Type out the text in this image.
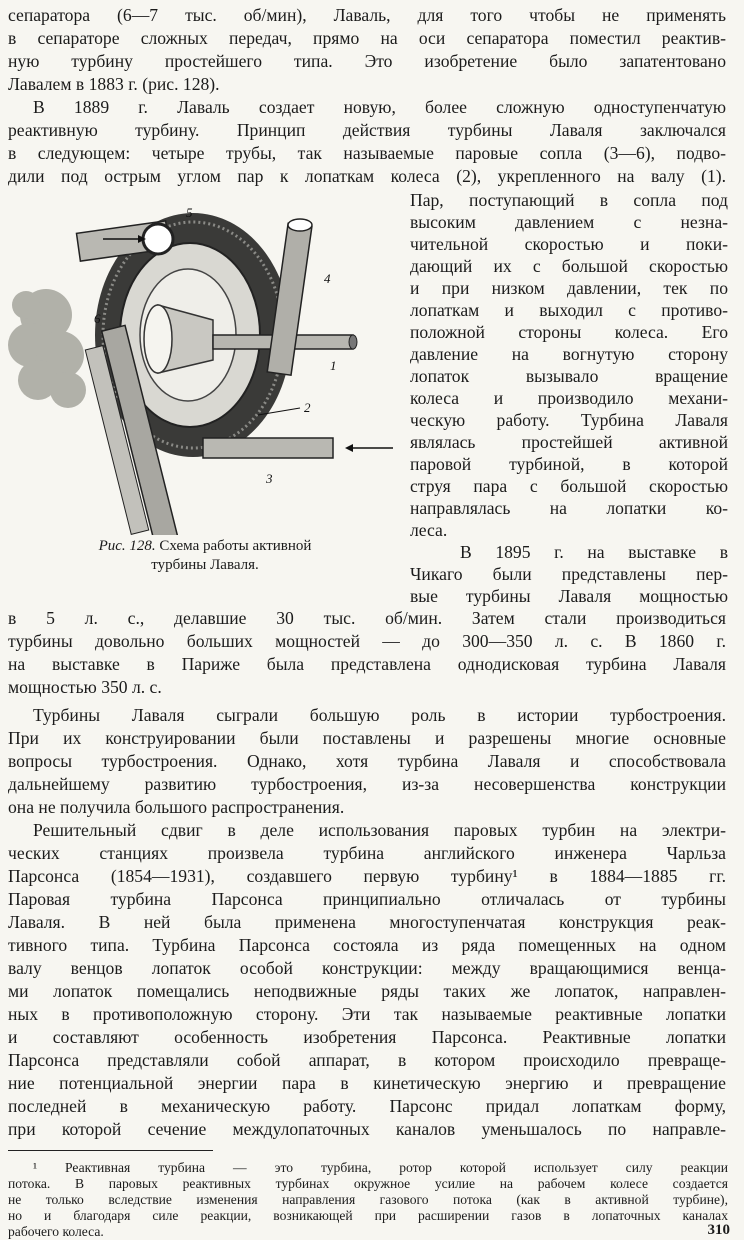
сепаратора (6—7 тыс. об/мин), Лаваль, для того чтобы не применять
в сепараторе сложных передач, прямо на оси сепаратора поместил реактив-
ную турбину простейшего типа. Это изобретение было запатентовано
Лавалем в 1883 г. (рис. 128).
В 1889 г. Лаваль создает новую, более сложную одноступенчатую
реактивную турбину. Принцип действия турбины Лаваля заключался
в следующем: четыре трубы, так называемые паровые сопла (3—6), подво-
дили под острым углом пар к лопаткам колеса (2), укрепленного на валу (1).
Пар, поступающий в сопла под
высоким давлением с незна-
чительной скоростью и поки-
дающий их с большой скоростью
и при низком давлении, тек по
лопаткам и выходил с противо-
положной стороны колеса. Его
давление на вогнутую сторону
лопаток вызывало вращение
колеса и производило механи-
ческую работу. Турбина Лаваля
являлась простейшей активной
паровой турбиной, в которой
струя пара с большой скоростью
направлялась на лопатки ко-
леса.
В 1895 г. на выставке в
Чикаго были представлены пер-
вые турбины Лаваля мощностью
5
4
1
2
3
6
Рис. 128. Схема работы активной
турбины Лаваля.
в 5 л. с., делавшие 30 тыс. об/мин. Затем стали производиться
турбины довольно больших мощностей — до 300—350 л. с. В 1860 г.
на выставке в Париже была представлена однодисковая турбина Лаваля
мощностью 350 л. с.
Турбины Лаваля сыграли большую роль в истории турбостроения.
При их конструировании были поставлены и разрешены многие основные
вопросы турбостроения. Однако, хотя турбина Лаваля и способствовала
дальнейшему развитию турбостроения, из-за несовершенства конструкции
она не получила большого распространения.
Решительный сдвиг в деле использования паровых турбин на электри-
ческих станциях произвела турбина английского инженера Чарльза
Парсонса (1854—1931), создавшего первую турбину¹ в 1884—1885 гг.
Паровая турбина Парсонса принципиально отличалась от турбины
Лаваля. В ней была применена многоступенчатая конструкция реак-
тивного типа. Турбина Парсонса состояла из ряда помещенных на одном
валу венцов лопаток особой конструкции: между вращающимися венца-
ми лопаток помещались неподвижные ряды таких же лопаток, направлен-
ных в противоположную сторону. Эти так называемые реактивные лопатки
и составляют особенность изобретения Парсонса. Реактивные лопатки
Парсонса представляли собой аппарат, в котором происходило превраще-
ние потенциальной энергии пара в кинетическую энергию и превращение
последней в механическую работу. Парсонс придал лопаткам форму,
при которой сечение междулопаточных каналов уменьшалось по направле-
¹ Реактивная турбина — это турбина, ротор которой использует силу реакции
потока. В паровых реактивных турбинах окружное усилие на рабочем колесе создается
не только вследствие изменения направления газового потока (как в активной турбине),
310
но и благодаря силе реакции, возникающей при расширении газов в лопаточных каналах
рабочего колеса.
